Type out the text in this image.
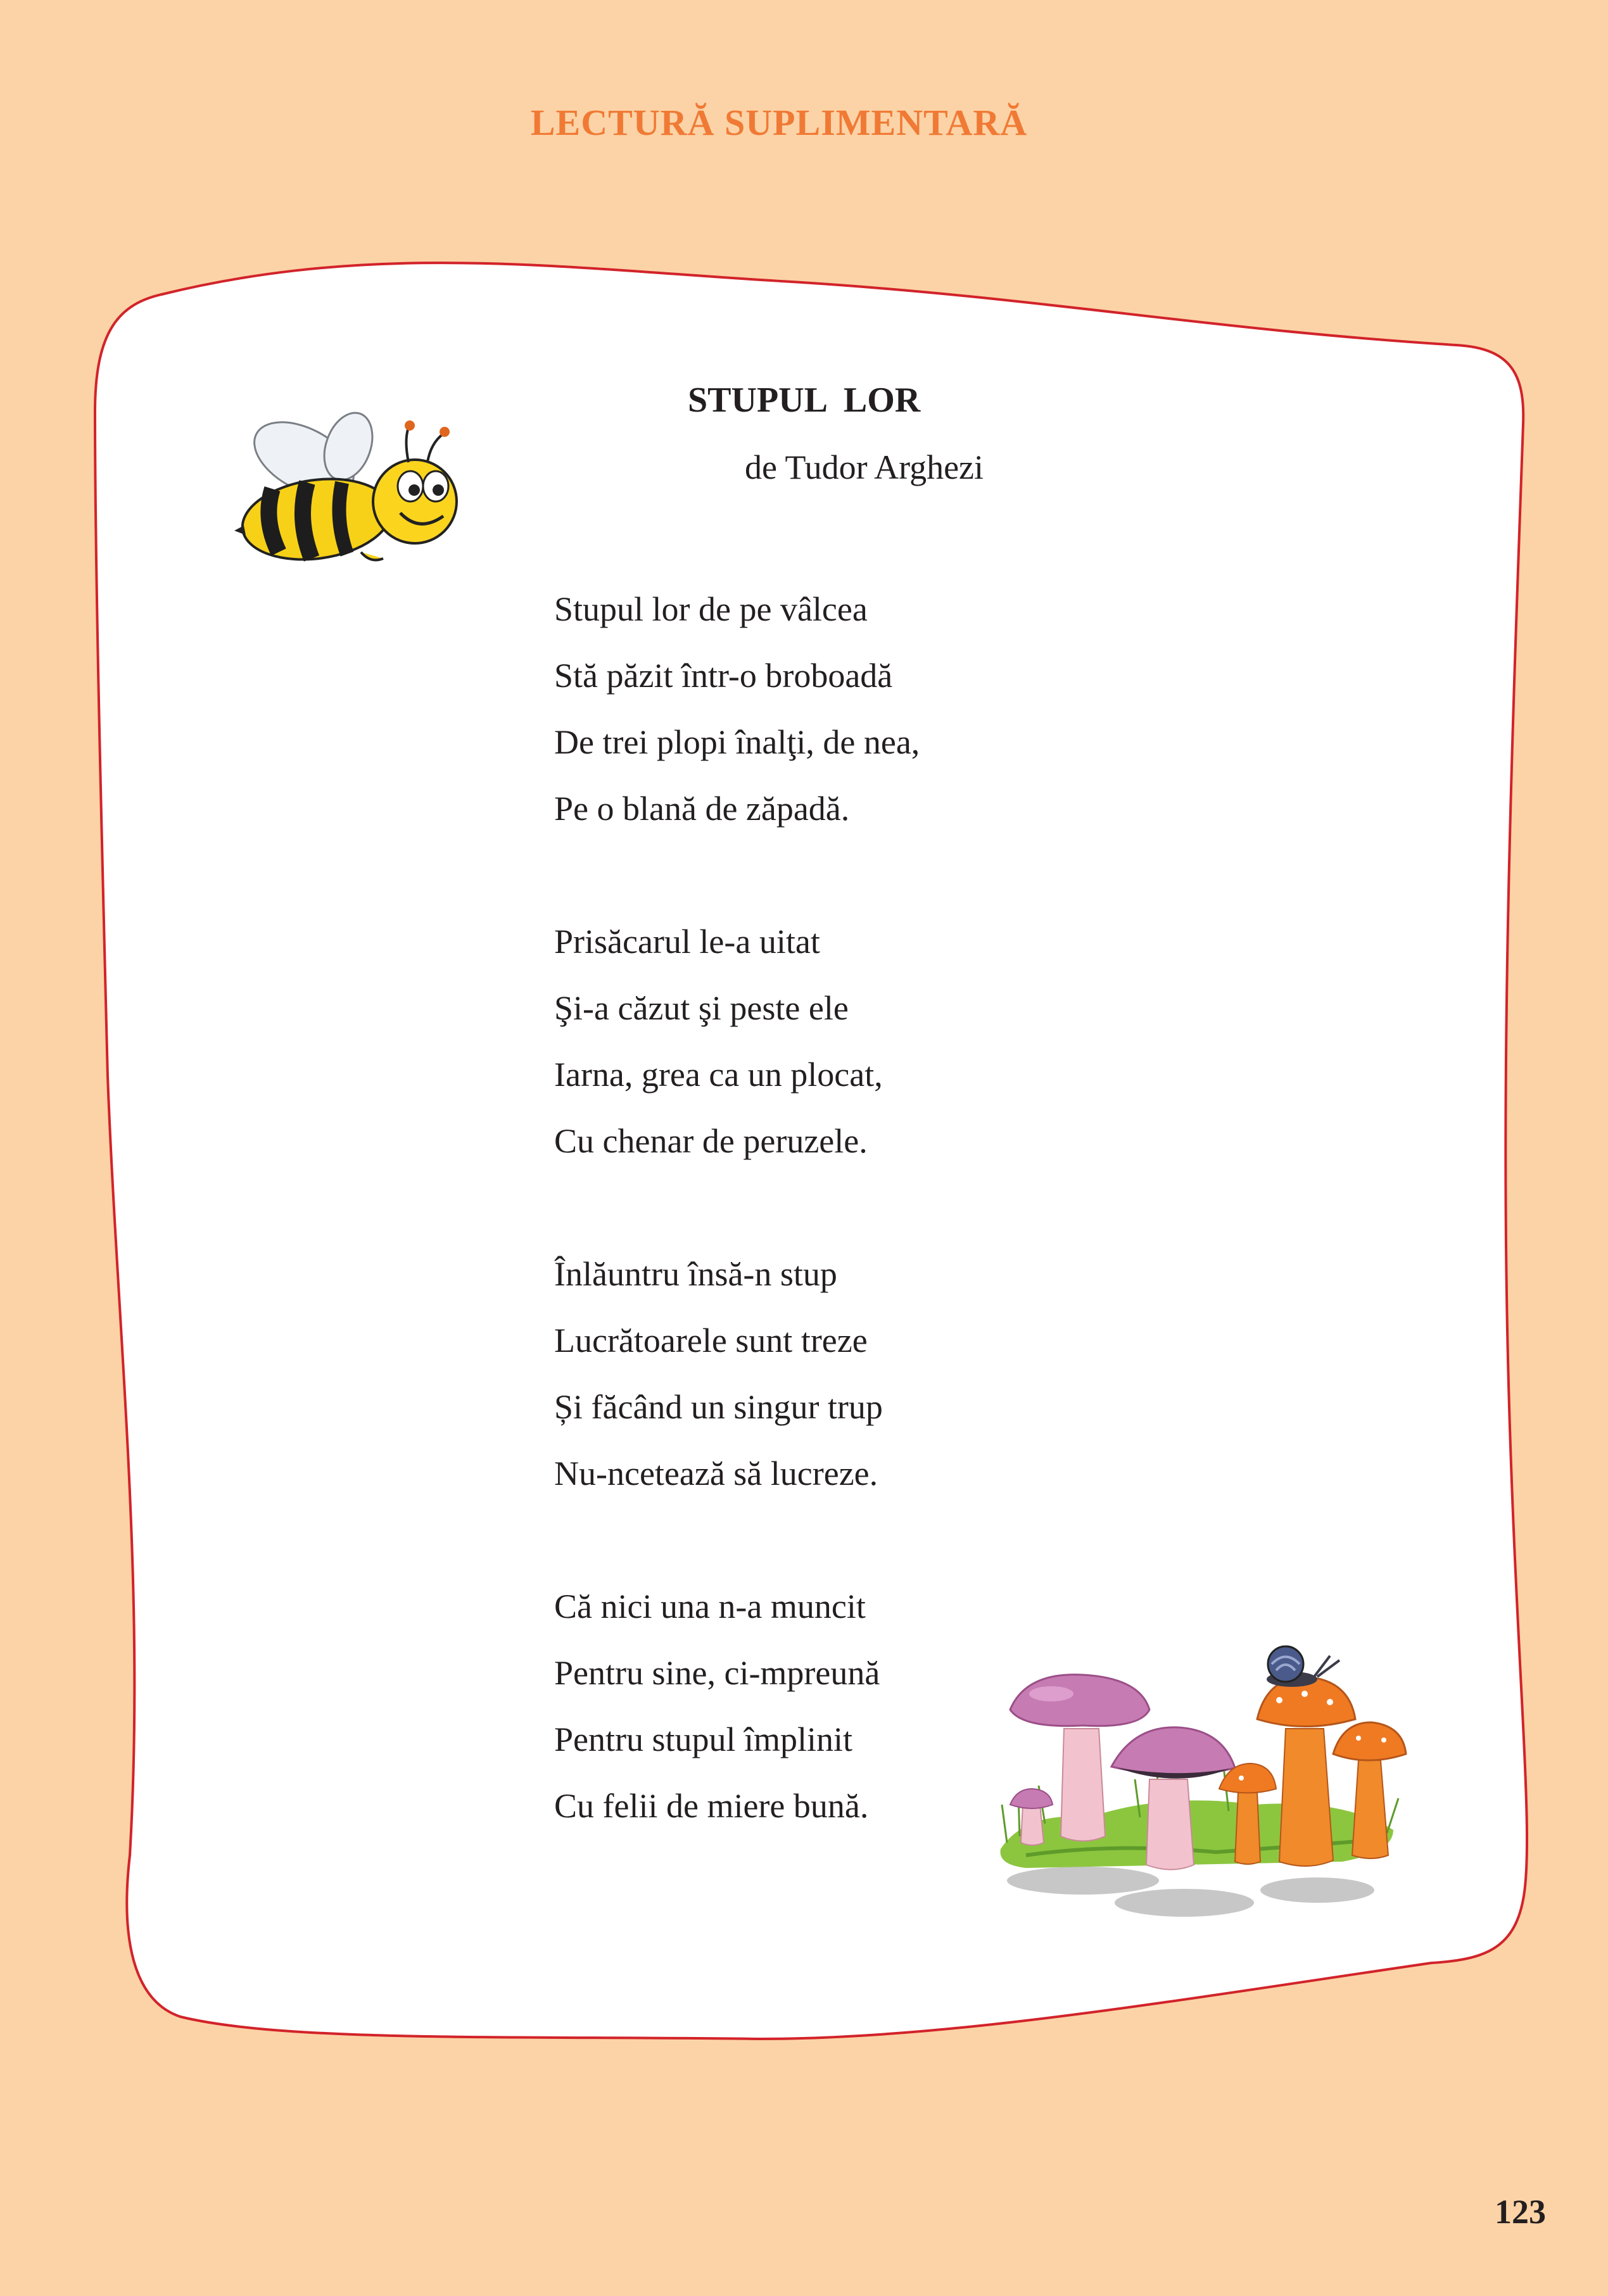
LECTURĂ SUPLIMENTARĂ
STUPUL  LOR
de Tudor Arghezi
Stupul lor de pe vâlcea
Stă păzit într-o broboadă
De trei plopi înalţi, de nea,
Pe o blană de zăpadă.
Prisăcarul le-a uitat
Şi-a căzut şi peste ele
Iarna, grea ca un plocat,
Cu chenar de peruzele.
Înlăuntru însă-n stup
Lucrătoarele sunt treze
Și făcând un singur trup
Nu-ncetează să lucreze.
Că nici una n-a muncit
Pentru sine, ci-mpreună
Pentru stupul împlinit
Cu felii de miere bună.
123
